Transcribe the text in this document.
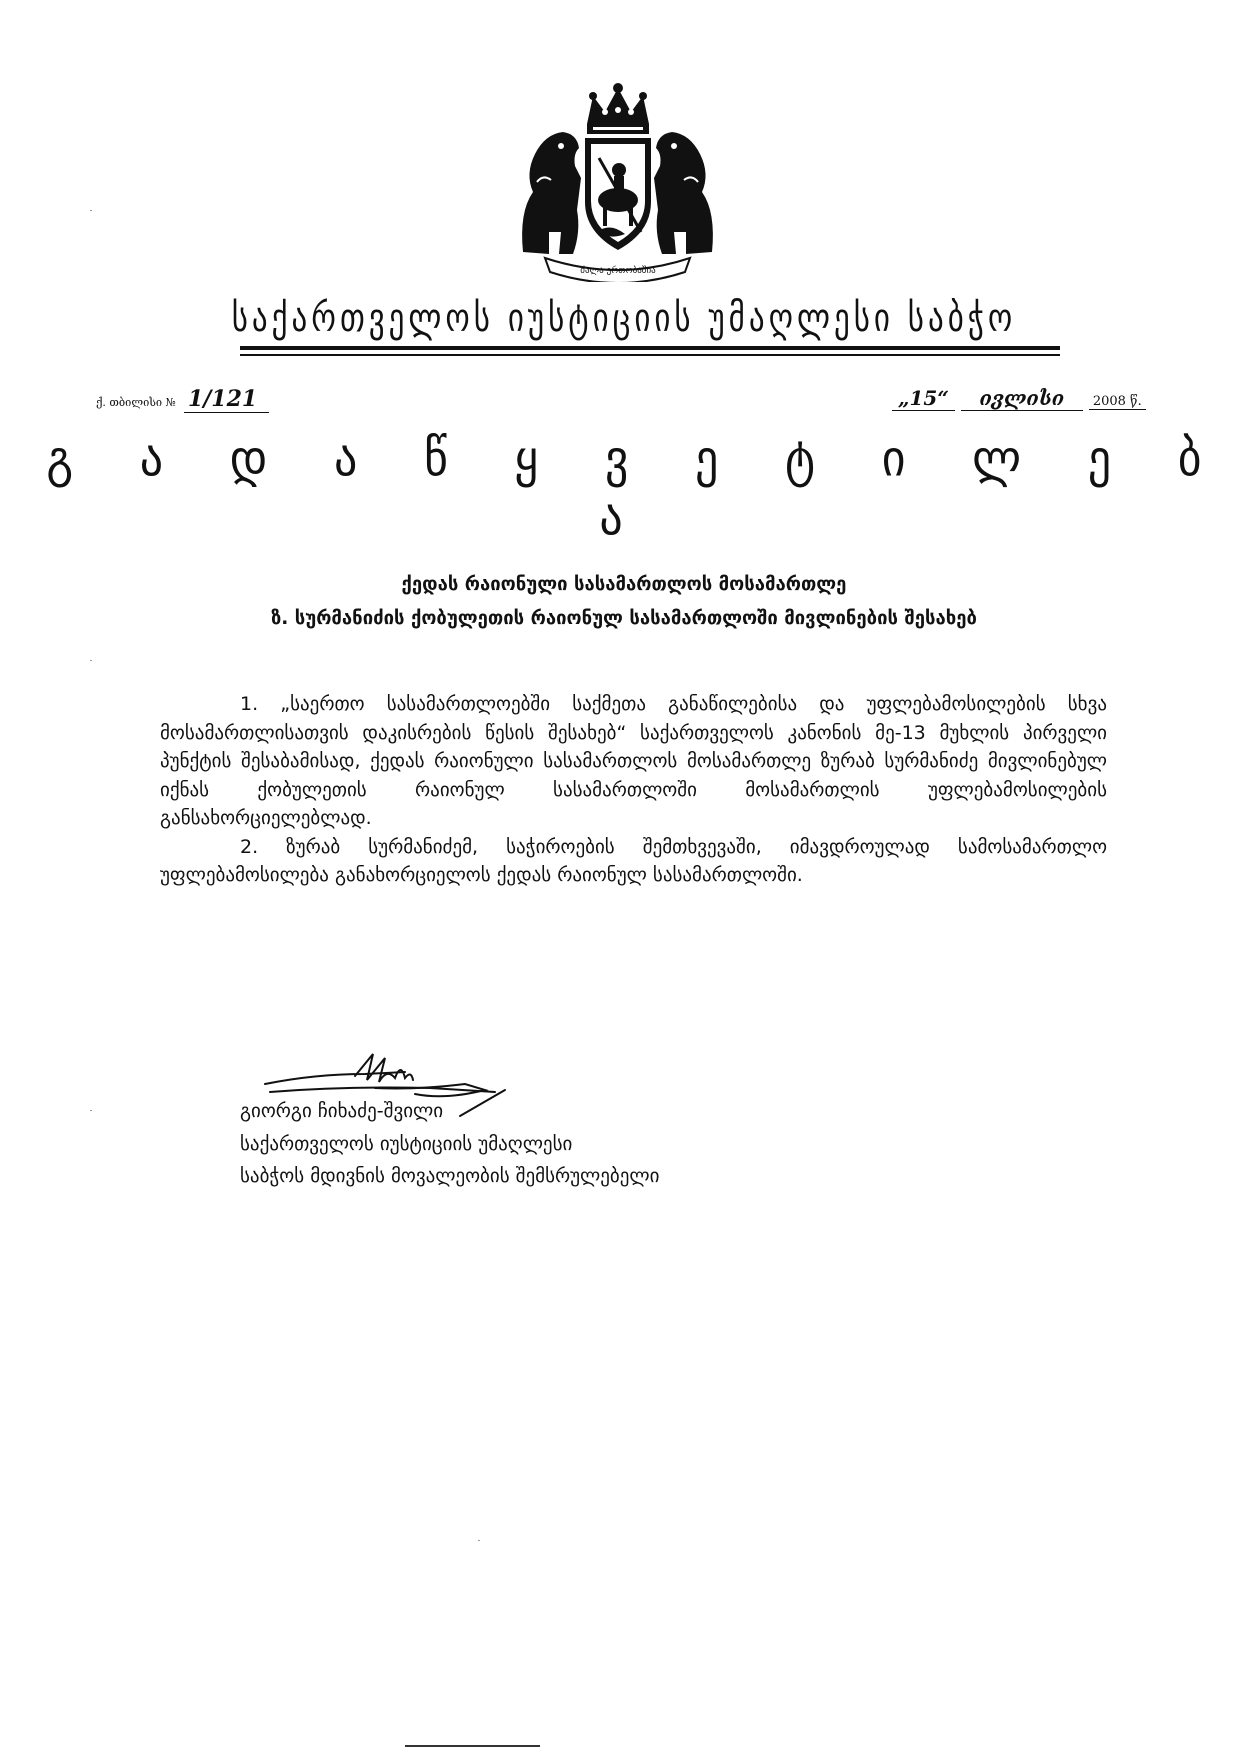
ძალა ერთობაშია
საქართველოს იუსტიციის უმაღლესი საბჭო
ქ. თბილისი № 1/121	„15“	ივლისი	2008 წ.
გ ა დ ა წ ყ ვ ე ტ ი ლ ე ბ ა
ქედას რაიონული სასამართლოს მოსამართლე
ზ. სურმანიძის ქობულეთის რაიონულ სასამართლოში მივლინების შესახებ

1. „საერთო სასამართლოებში საქმეთა განაწილებისა და უფლებამოსილების სხვა მოსამართლისათვის დაკისრების წესის შესახებ“ საქართველოს კანონის მე-13 მუხლის პირველი პუნქტის შესაბამისად, ქედას რაიონული სასამართლოს მოსამართლე ზურაბ სურმანიძე მივლინებულ იქნას ქობულეთის რაიონულ სასამართლოში მოსამართლის უფლებამოსილების განსახორციელებლად.

2. ზურაბ სურმანიძემ, საჭიროების შემთხვევაში, იმავდროულად სამოსამართლო უფლებამოსილება განახორციელოს ქედას რაიონულ სასამართლოში.

გიორგი ჩიხაძე-შვილი
საქართველოს იუსტიციის უმაღლესი
საბჭოს მდივნის მოვალეობის შემსრულებელი
